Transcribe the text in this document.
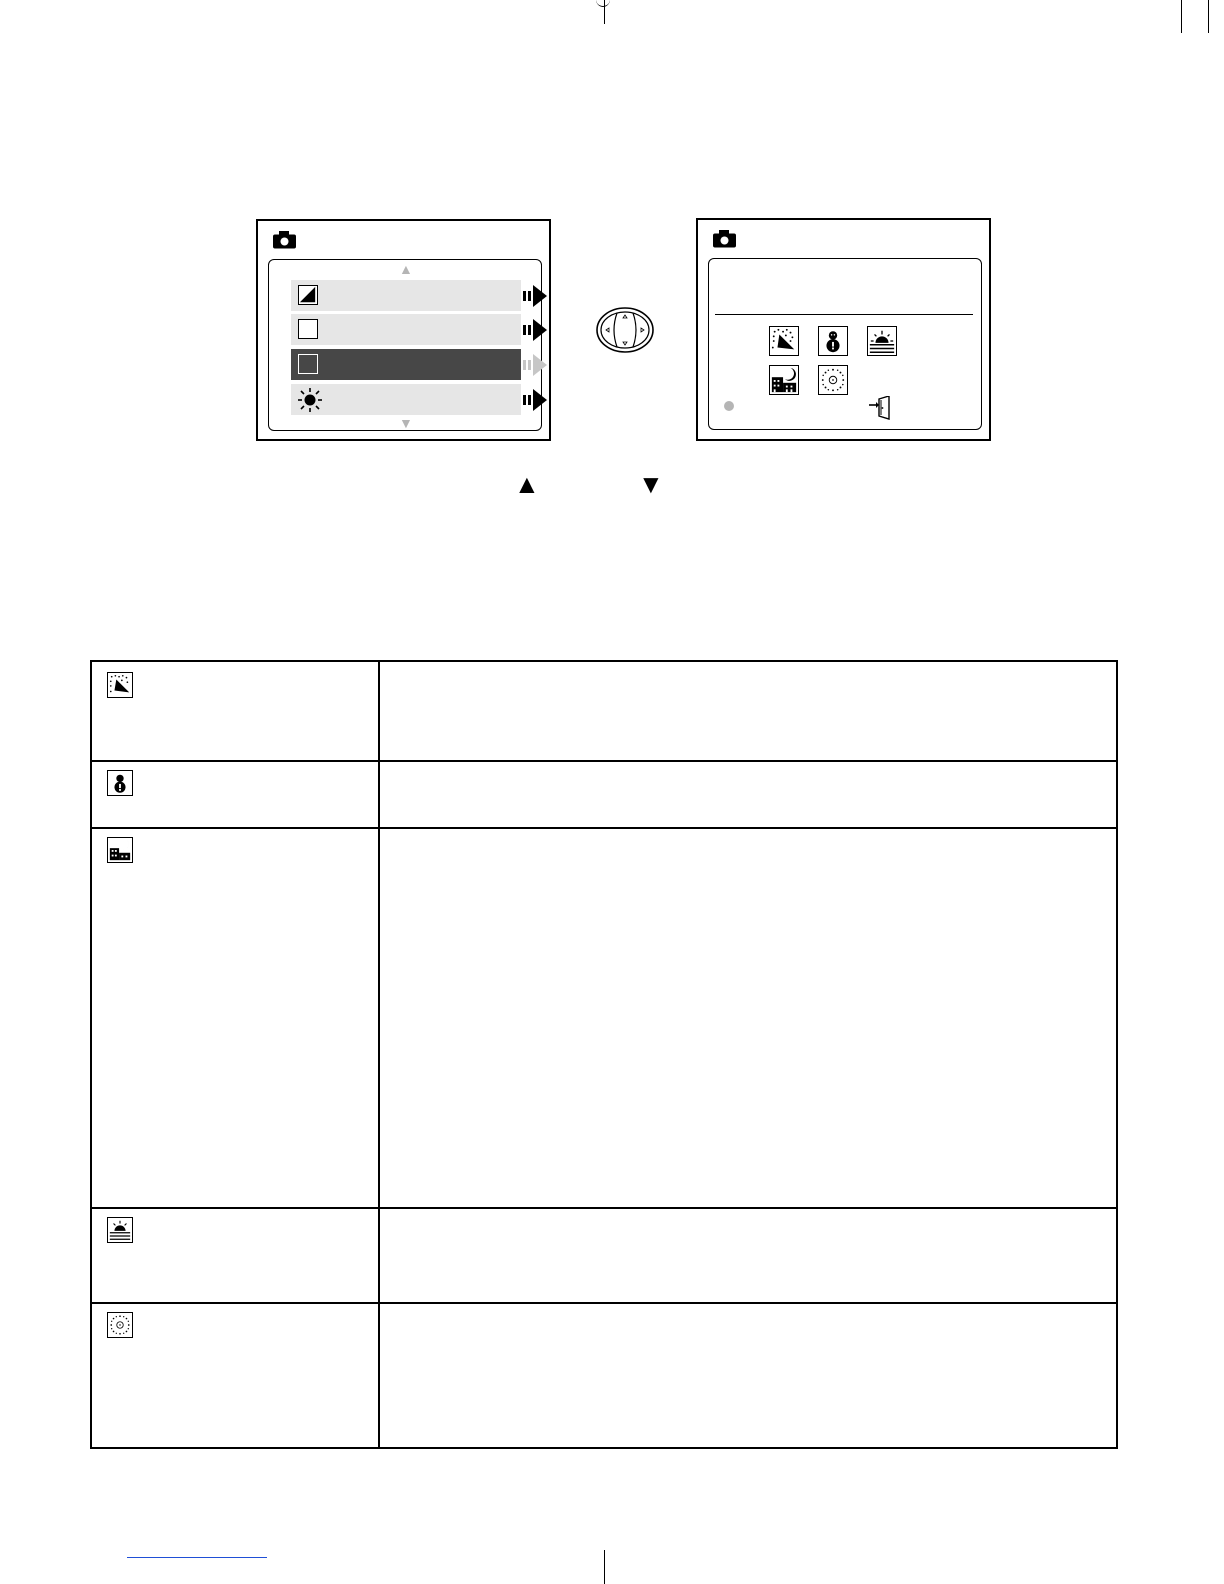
▲
▼
▲	▼
